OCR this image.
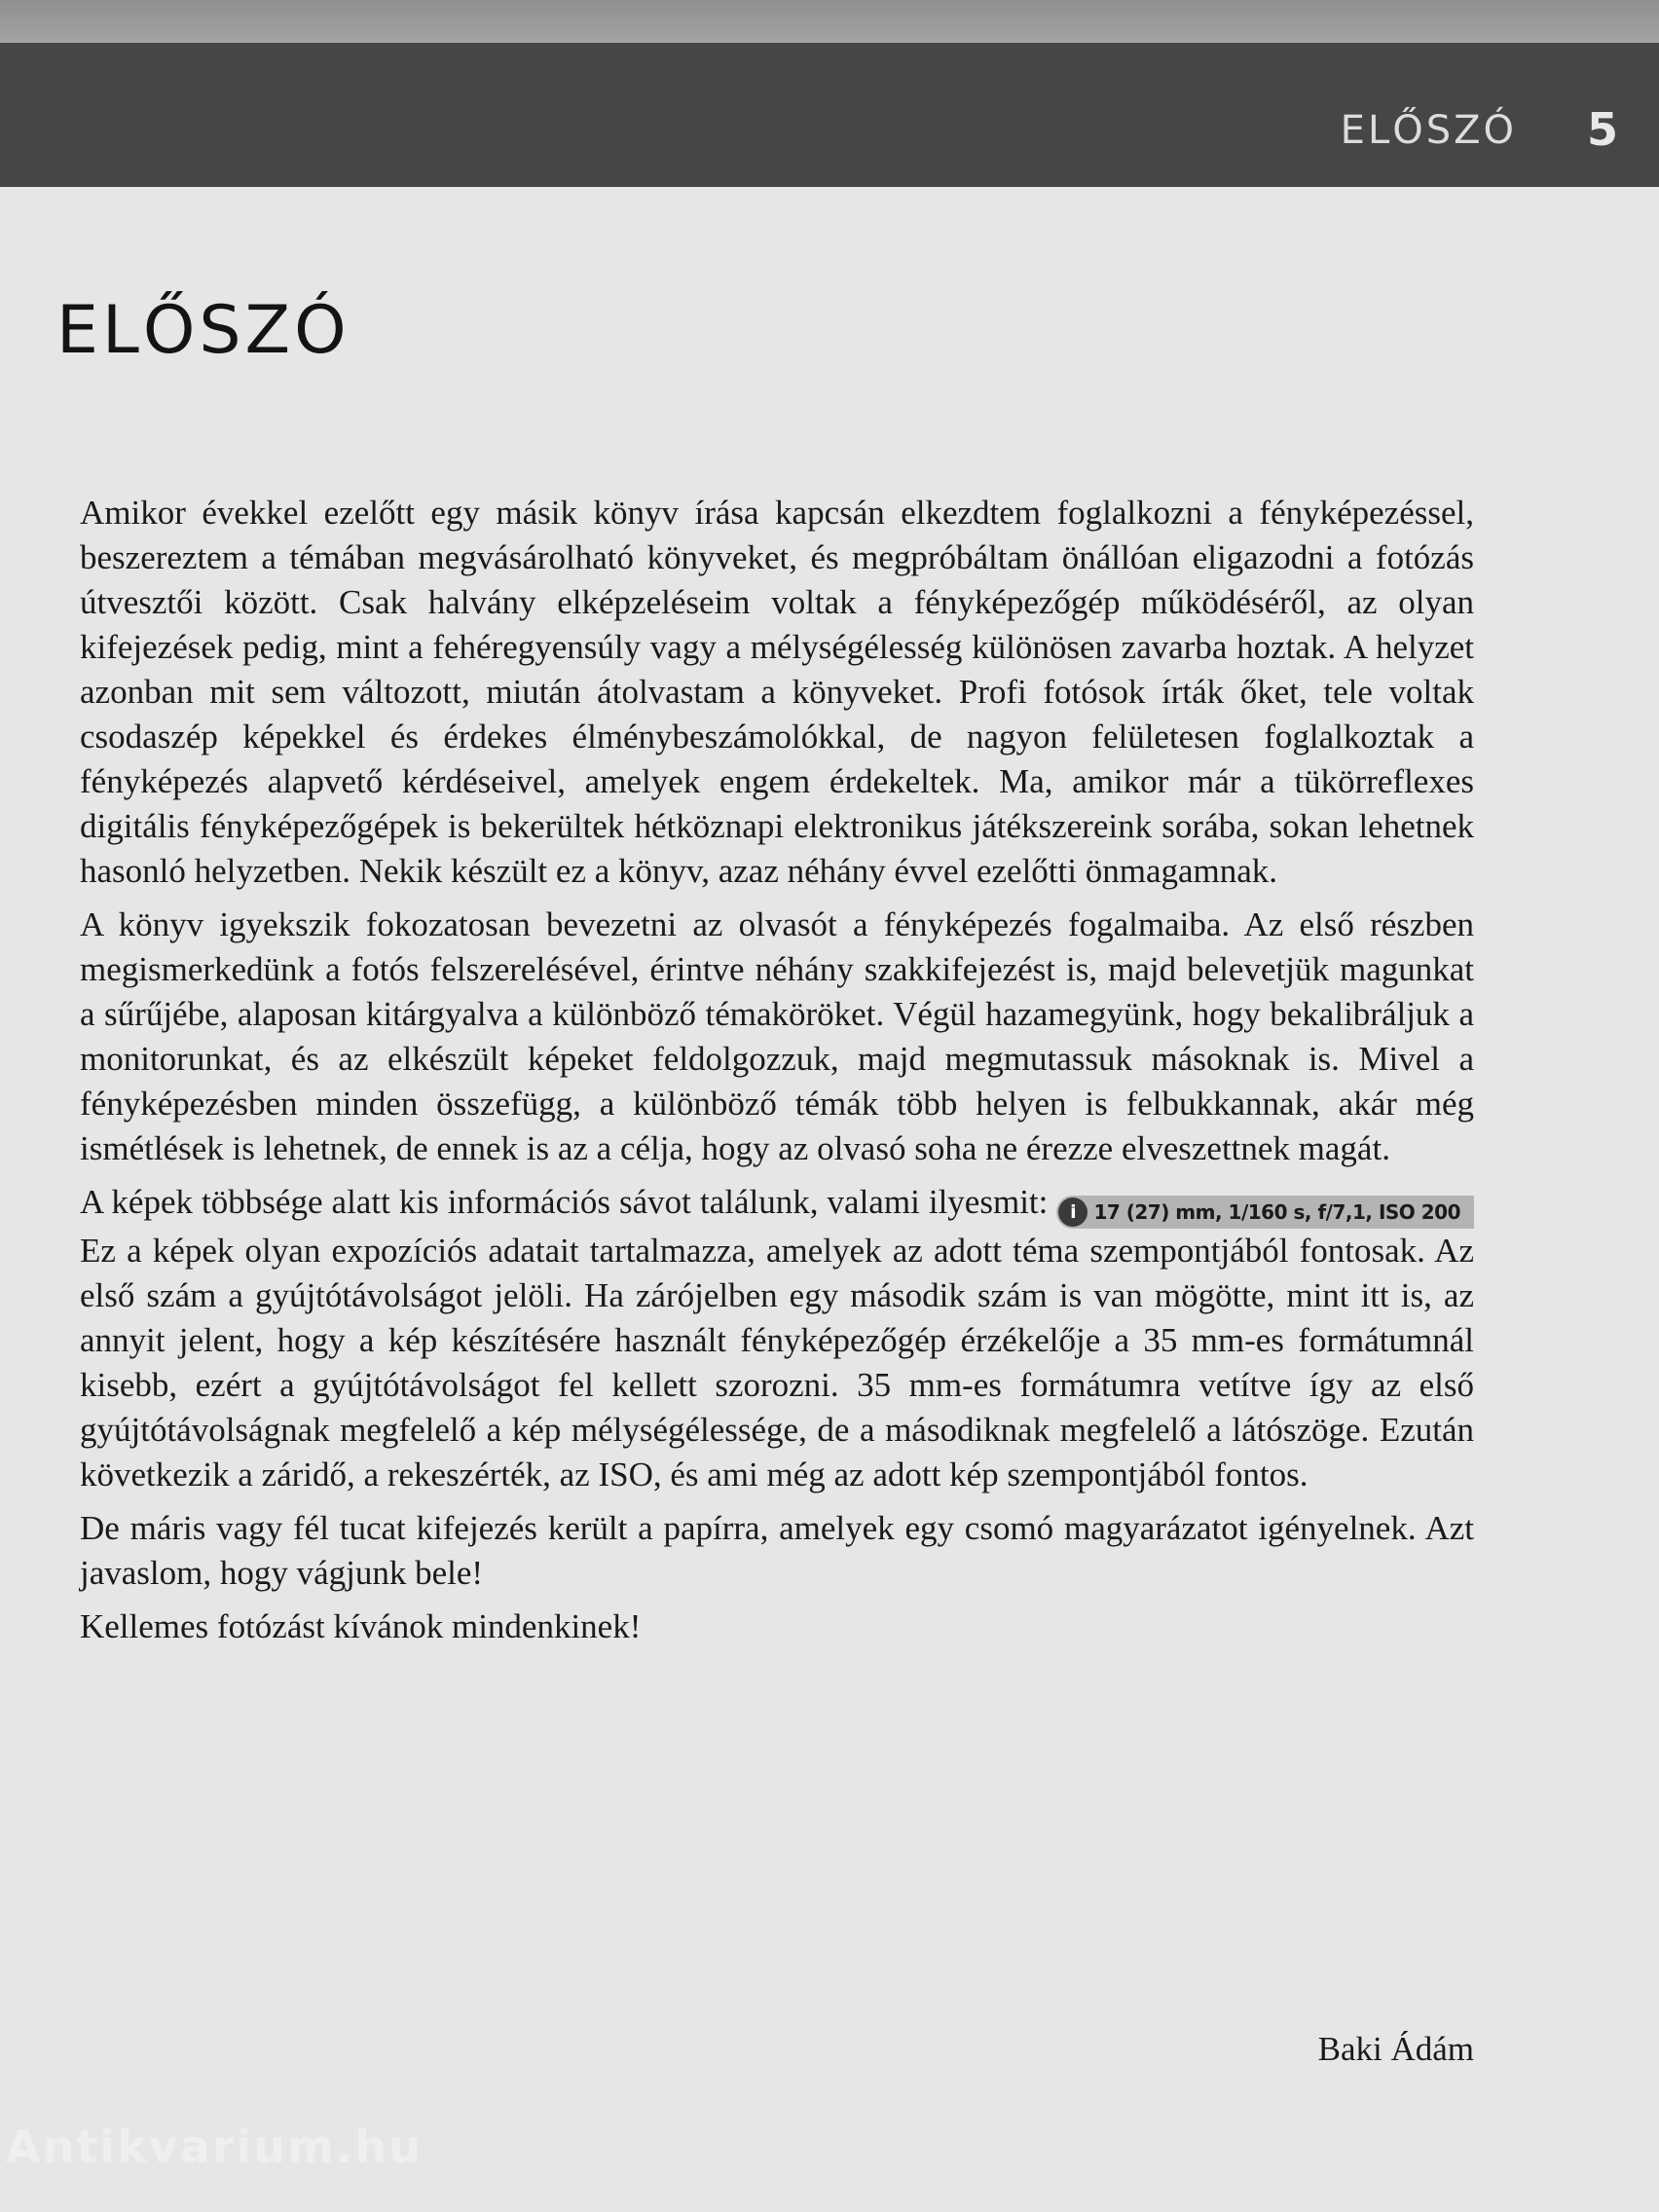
ELŐSZÓ 5
ELŐSZÓ

Amikor évekkel ezelőtt egy másik könyv írása kapcsán elkezdtem foglalkozni a fényképezéssel, beszereztem a témában megvásárolható könyveket, és megpróbáltam önállóan eligazodni a fotózás útvesztői között. Csak halvány elképzeléseim voltak a fényképezőgép működéséről, az olyan kifejezések pedig, mint a fehéregyensúly vagy a mélységélesség különösen zavarba hoztak. A helyzet azonban mit sem változott, miután átolvastam a könyveket. Profi fotósok írták őket, tele voltak csodaszép képekkel és érdekes élménybeszámolókkal, de nagyon felületesen foglalkoztak a fényképezés alapvető kérdéseivel, amelyek engem érdekeltek. Ma, amikor már a tükörreflexes digitális fényképezőgépek is bekerültek hétköznapi elektronikus játékszereink sorába, sokan lehetnek hasonló helyzetben. Nekik készült ez a könyv, azaz néhány évvel ezelőtti önmagamnak.

A könyv igyekszik fokozatosan bevezetni az olvasót a fényképezés fogalmaiba. Az első részben megismerkedünk a fotós felszerelésével, érintve néhány szakkifejezést is, majd belevetjük magunkat a sűrűjébe, alaposan kitárgyalva a különböző témaköröket. Végül hazamegyünk, hogy bekalibráljuk a monitorunkat, és az elkészült képeket feldolgozzuk, majd megmutassuk másoknak is. Mivel a fényképezésben minden összefügg, a különböző témák több helyen is felbukkannak, akár még ismétlések is lehetnek, de ennek is az a célja, hogy az olvasó soha ne érezze elveszettnek magát.

A képek többsége alatt kis információs sávot találunk, valami ilyesmit: i 17 (27) mm, 1/160 s, f/7,1, ISO 200
Ez a képek olyan expozíciós adatait tartalmazza, amelyek az adott téma szempontjából fontosak. Az első szám a gyújtótávolságot jelöli. Ha zárójelben egy második szám is van mögötte, mint itt is, az annyit jelent, hogy a kép készítésére használt fényképezőgép érzékelője a 35 mm-es formátumnál kisebb, ezért a gyújtótávolságot fel kellett szorozni. 35 mm-es formátumra vetítve így az első gyújtótávolságnak megfelelő a kép mélységélessége, de a másodiknak megfelelő a látószöge. Ezután következik a záridő, a rekeszérték, az ISO, és ami még az adott kép szempontjából fontos.

De máris vagy fél tucat kifejezés került a papírra, amelyek egy csomó magyarázatot igényelnek. Azt javaslom, hogy vágjunk bele!

Kellemes fotózást kívánok mindenkinek!

Baki Ádám
Antikvarium.hu
